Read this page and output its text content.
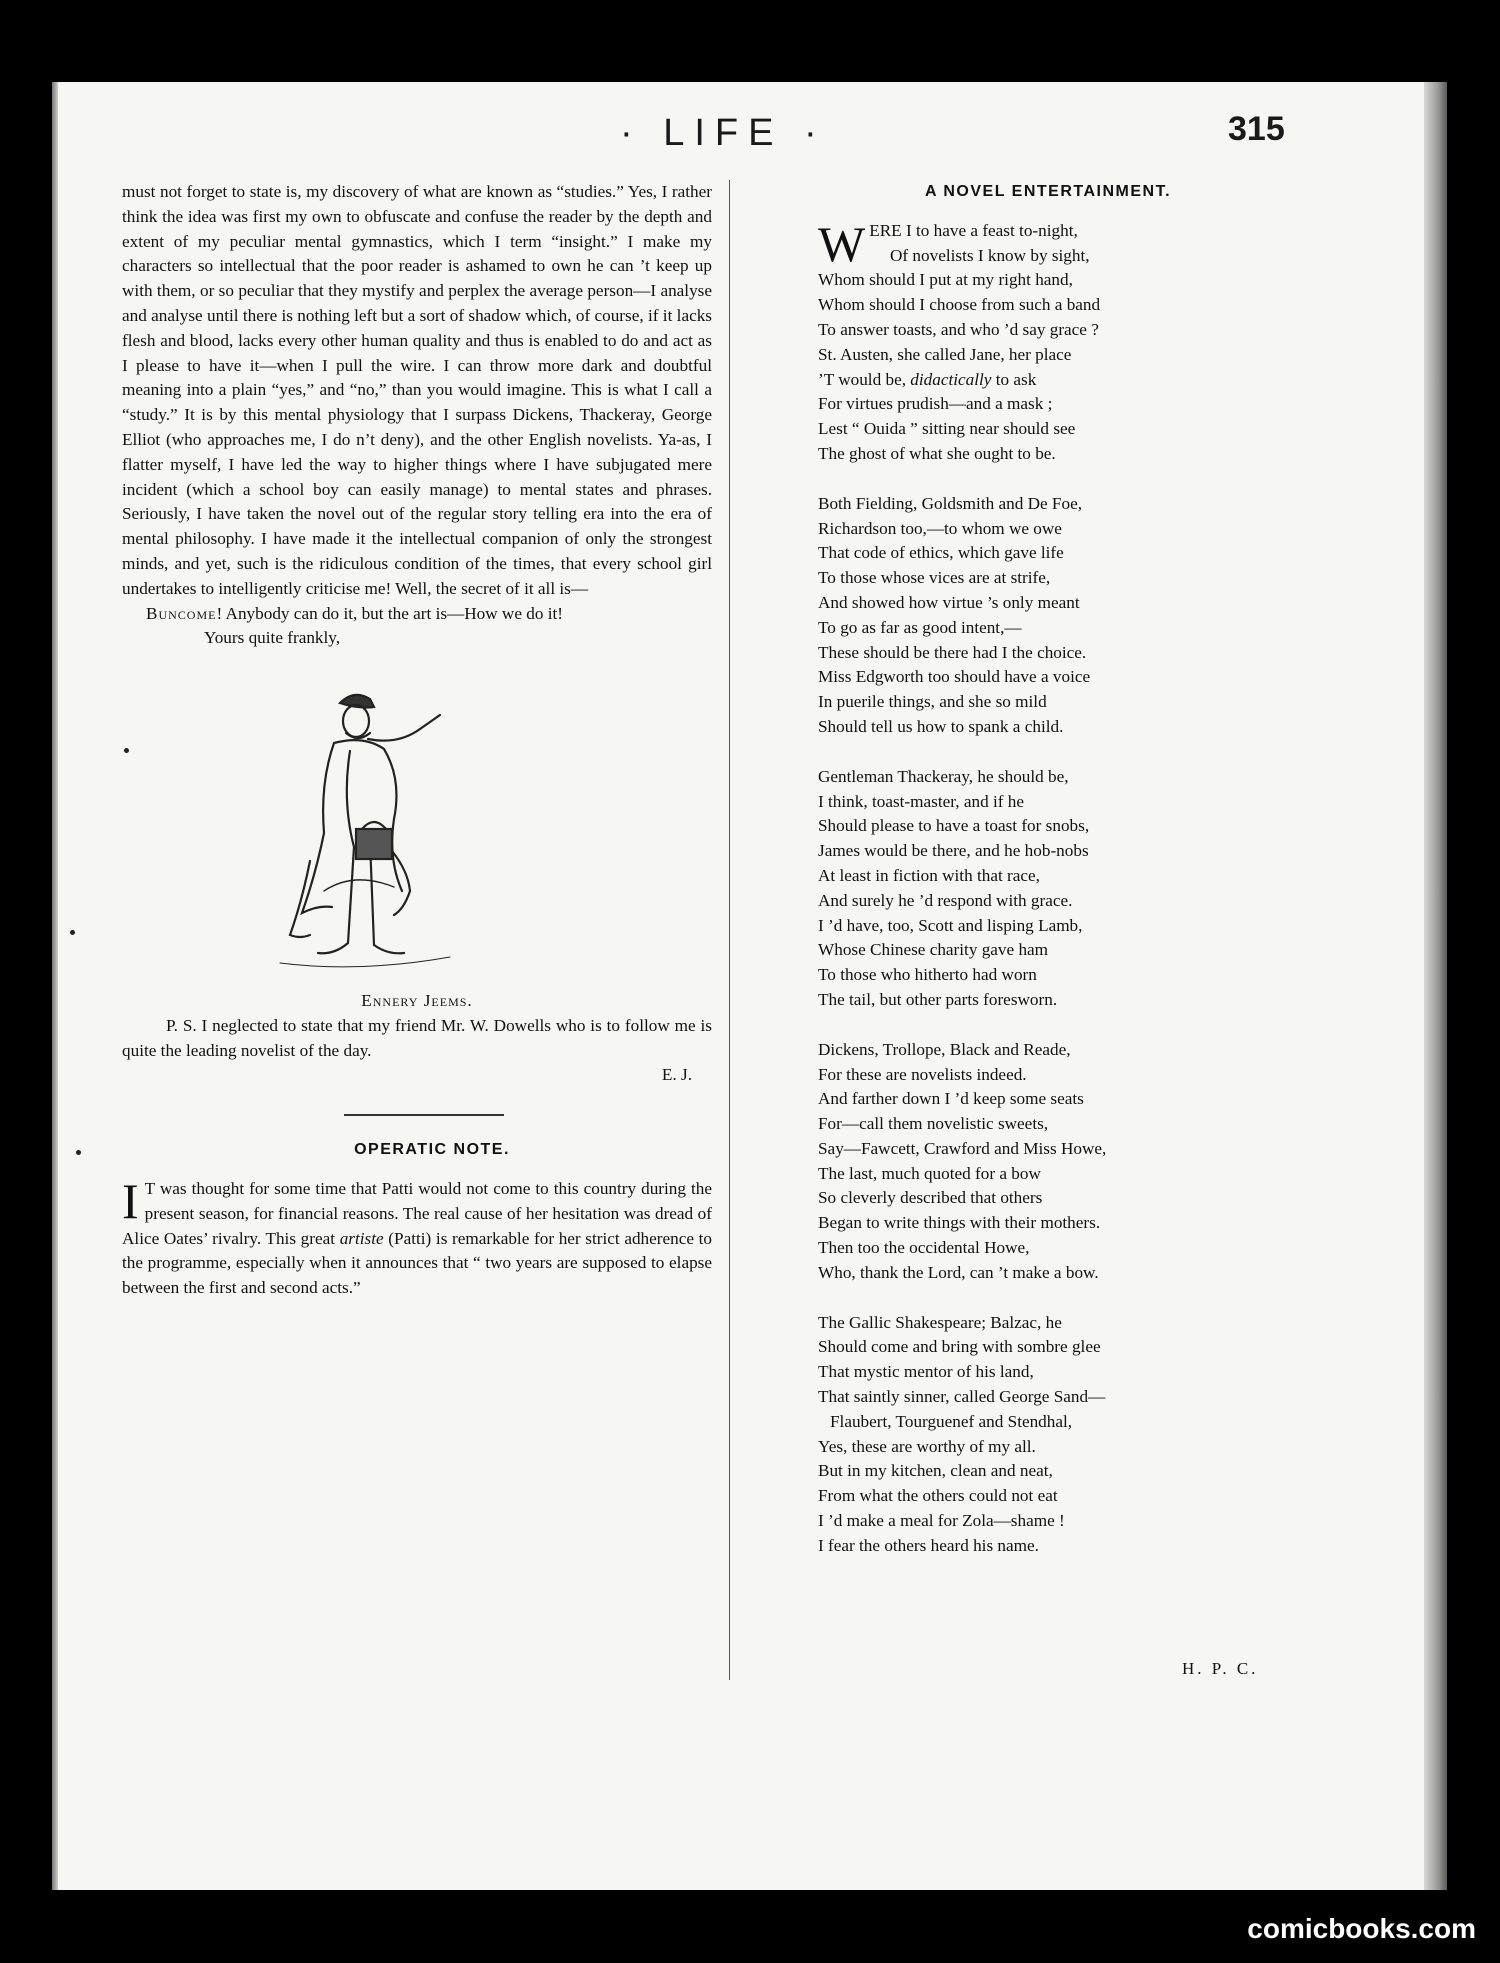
· LIFE ·	315

must not forget to state is, my discovery of what are known as “studies.” Yes, I rather think the idea was first my own to obfuscate and confuse the reader by the depth and extent of my peculiar mental gymnastics, which I term “insight.” I make my characters so intellectual that the poor reader is ashamed to own he can ’t keep up with them, or so peculiar that they mystify and perplex the average person—I analyse and analyse until there is nothing left but a sort of shadow which, of course, if it lacks flesh and blood, lacks every other human quality and thus is enabled to do and act as I please to have it—when I pull the wire. I can throw more dark and doubtful meaning into a plain “yes,” and “no,” than you would imagine. This is what I call a “study.” It is by this mental physiology that I surpass Dickens, Thackeray, George Elliot (who approaches me, I do n’t deny), and the other English novelists. Ya-as, I flatter myself, I have led the way to higher things where I have subjugated mere incident (which a school boy can easily manage) to mental states and phrases. Seriously, I have taken the novel out of the regular story telling era into the era of mental philosophy. I have made it the intellectual companion of only the strongest minds, and yet, such is the ridiculous condition of the times, that every school girl undertakes to intelligently criticise me! Well, the secret of it all is—

Buncome! Anybody can do it, but the art is—How we do it!

Yours quite frankly,

Ennery Jeems.

P. S. I neglected to state that my friend Mr. W. Dowells who is to follow me is quite the leading novelist of the day.

E. J.

OPERATIC NOTE.

I T was thought for some time that Patti would not come to this country during the present season, for financial reasons. The real cause of her hesitation was dread of Alice Oates’ rivalry. This great artiste (Patti) is remarkable for her strict adherence to the programme, especially when it announces that “ two years are supposed to elapse between the first and second acts.”

A NOVEL ENTERTAINMENT.
W ERE I to have a feast to-night,
Of novelists I know by sight,
Whom should I put at my right hand,
Whom should I choose from such a band
To answer toasts, and who ’d say grace ?
St. Austen, she called Jane, her place
’T would be, didactically to ask
For virtues prudish—and a mask ;
Lest “ Ouida ” sitting near should see
The ghost of what she ought to be.
Both Fielding, Goldsmith and De Foe,
Richardson too,—to whom we owe
That code of ethics, which gave life
To those whose vices are at strife,
And showed how virtue ’s only meant
To go as far as good intent,—
These should be there had I the choice.
Miss Edgworth too should have a voice
In puerile things, and she so mild
Should tell us how to spank a child.
Gentleman Thackeray, he should be,
I think, toast-master, and if he
Should please to have a toast for snobs,
James would be there, and he hob-nobs
At least in fiction with that race,
And surely he ’d respond with grace.
I ’d have, too, Scott and lisping Lamb,
Whose Chinese charity gave ham
To those who hitherto had worn
The tail, but other parts foresworn.
Dickens, Trollope, Black and Reade,
For these are novelists indeed.
And farther down I ’d keep some seats
For—call them novelistic sweets,
Say—Fawcett, Crawford and Miss Howe,
The last, much quoted for a bow
So cleverly described that others
Began to write things with their mothers.
Then too the occidental Howe,
Who, thank the Lord, can ’t make a bow.
The Gallic Shakespeare; Balzac, he
Should come and bring with sombre glee
That mystic mentor of his land,
That saintly sinner, called George Sand—
Flaubert, Tourguenef and Stendhal,
Yes, these are worthy of my all.
But in my kitchen, clean and neat,
From what the others could not eat
I ’d make a meal for Zola—shame !
I fear the others heard his name.
H. P. C.
comicbooks.com
